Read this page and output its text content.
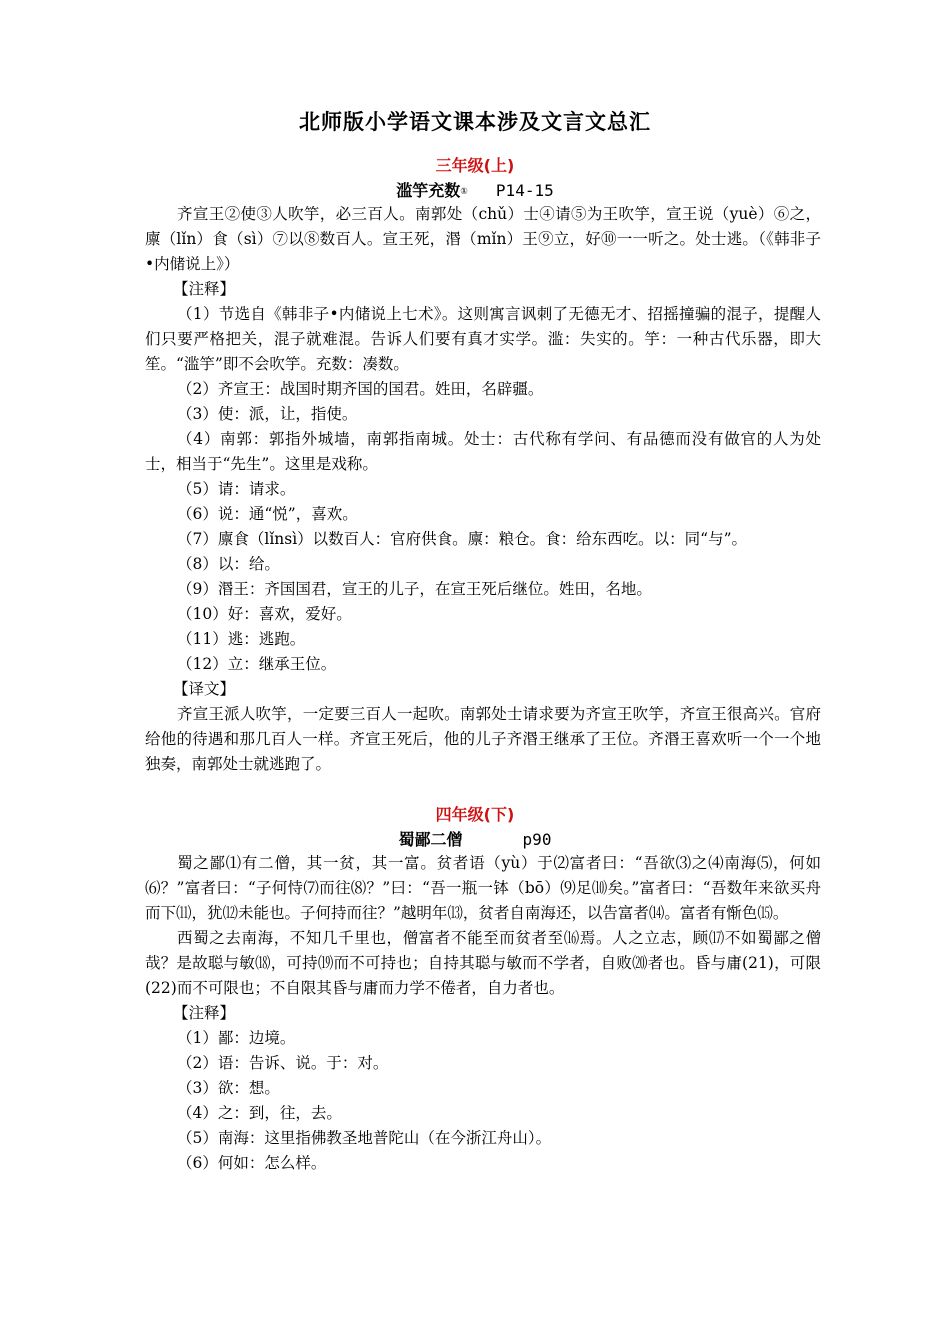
北师版小学语文课本涉及文言文总汇
三年级(上)
滥竽充数① P14-15

齐宣王②使③人吹竽，必三百人。南郭处（chǔ）士④请⑤为王吹竽，宣王说（yuè）⑥之，廪（lǐn）食（sì）⑦以⑧数百人。宣王死，湣（mǐn）王⑨立，好⑩一一听之。处士逃。（《韩非子•内储说上》）

【注释】

（1）节选自《韩非子•内储说上七术》。这则寓言讽刺了无德无才、招摇撞骗的混子，提醒人们只要严格把关，混子就难混。告诉人们要有真才实学。滥：失实的。竽：一种古代乐器，即大笙。“滥竽”即不会吹竽。充数：凑数。

（2）齐宣王：战国时期齐国的国君。姓田，名辟疆。

（3）使：派，让，指使。

（4）南郭：郭指外城墙，南郭指南城。处士：古代称有学问、有品德而没有做官的人为处士，相当于“先生”。这里是戏称。

（5）请：请求。

（6）说：通“悦”，喜欢。

（7）廪食（lǐnsì）以数百人：官府供食。廪：粮仓。食：给东西吃。以：同“与”。

（8）以：给。

（9）湣王：齐国国君，宣王的儿子，在宣王死后继位。姓田，名地。

（10）好：喜欢，爱好。

（11）逃：逃跑。

（12）立：继承王位。

【译文】

齐宣王派人吹竽，一定要三百人一起吹。南郭处士请求要为齐宣王吹竽，齐宣王很高兴。官府给他的待遇和那几百人一样。齐宣王死后，他的儿子齐湣王继承了王位。齐湣王喜欢听一个一个地独奏，南郭处士就逃跑了。

四年级(下)
蜀鄙二僧	p90

蜀之鄙⑴有二僧，其一贫，其一富。贫者语（yù）于⑵富者曰：“吾欲⑶之⑷南海⑸，何如⑹？”富者曰：“子何恃⑺而往⑻？”曰：“吾一瓶一钵（bō）⑼足⑽矣。”富者曰：“吾数年来欲买舟而下⑾，犹⑿未能也。子何持而往？”越明年⒀，贫者自南海还，以告富者⒁。富者有惭色⒂。

西蜀之去南海，不知几千里也，僧富者不能至而贫者至⒃焉。人之立志，顾⒄不如蜀鄙之僧哉？是故聪与敏⒅，可持⒆而不可持也；自持其聪与敏而不学者，自败⒇者也。昏与庸(21)，可限(22)而不可限也；不自限其昏与庸而力学不倦者，自力者也。

【注释】

（1）鄙：边境。

（2）语：告诉、说。于：对。

（3）欲：想。

（4）之：到，往，去。

（5）南海：这里指佛教圣地普陀山（在今浙江舟山）。

（6）何如：怎么样。
